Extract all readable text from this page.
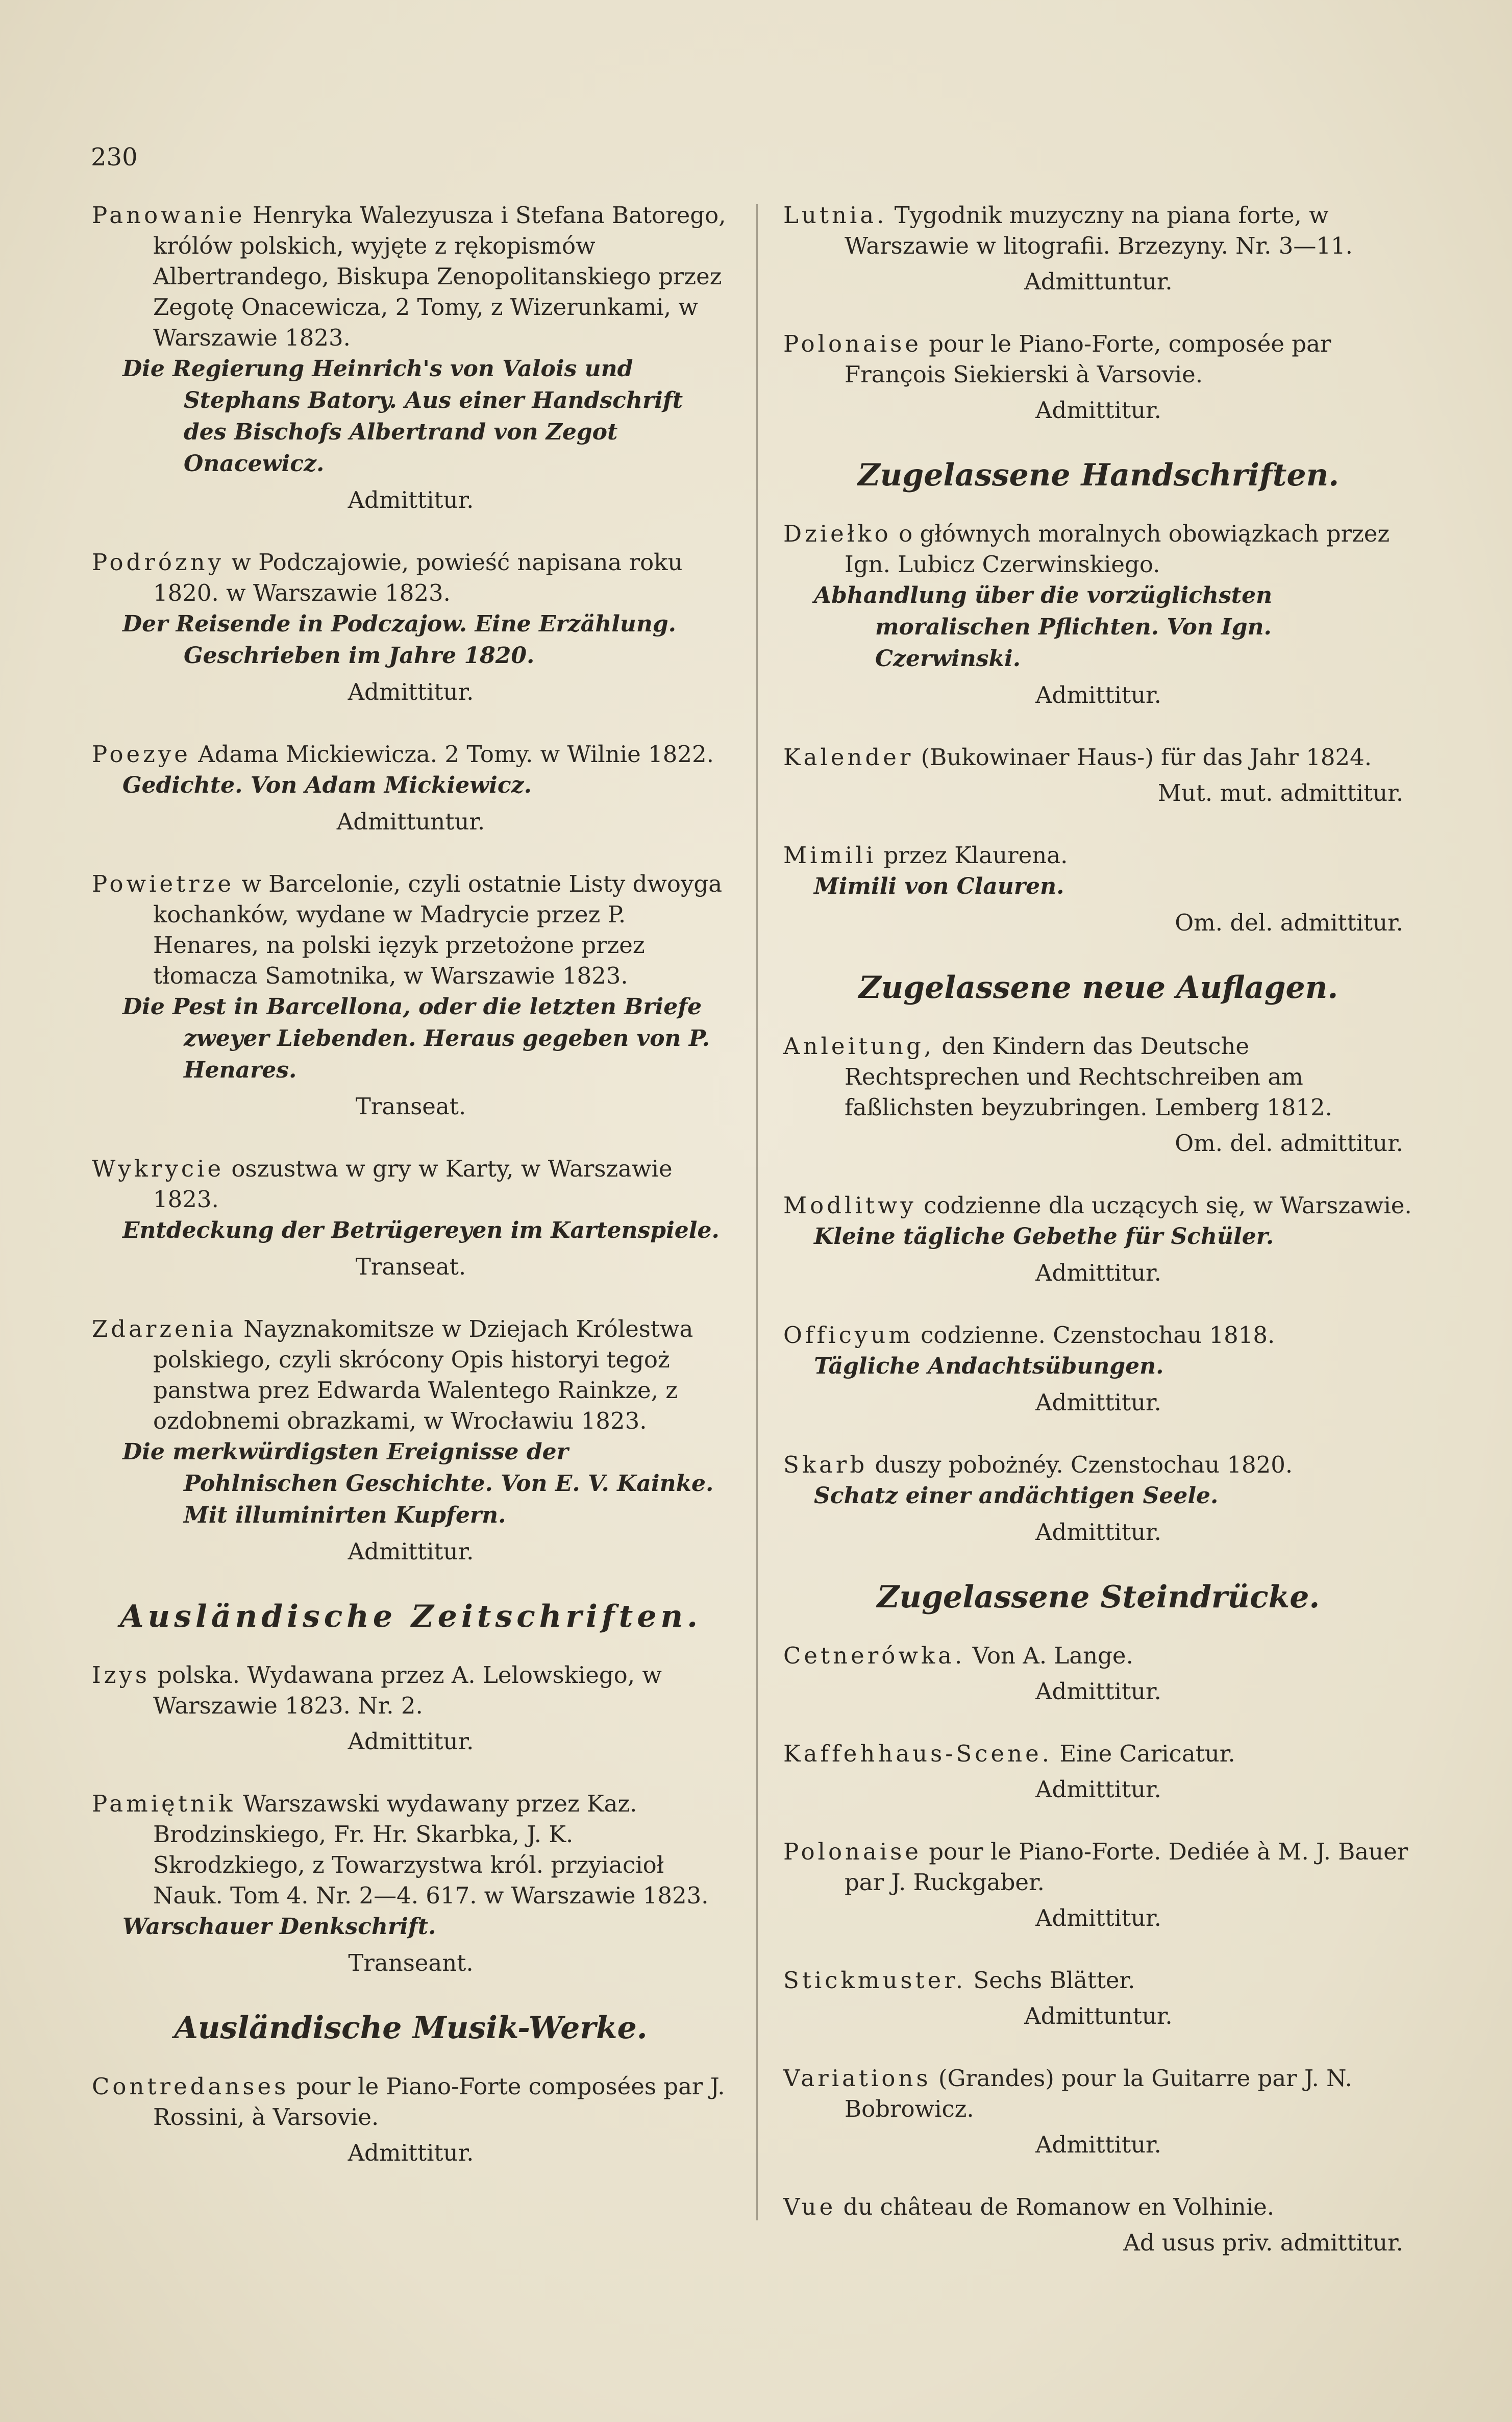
230
Panowanie Henryka Walezyusza i Stefana Batorego, królów polskich, wyjęte z rękopismów Albertrandego, Biskupa Zenopolitanskiego przez Zegotę Onacewicza, 2 Tomy, z Wizerunkami, w Warszawie 1823.
Die Regierung Heinrich's von Valois und Stephans Batory. Aus einer Handschrift des Bischofs Albertrand von Zegot Onacewicz.
Admittitur.
Podrózny w Podczajowie, powieść napisana roku 1820. w Warszawie 1823.
Der Reisende in Podczajow. Eine Erzählung. Geschrieben im Jahre 1820.
Admittitur.
Poezye Adama Mickiewicza. 2 Tomy. w Wilnie 1822.
Gedichte. Von Adam Mickiewicz.
Admittuntur.
Powietrze w Barcelonie, czyli ostatnie Listy dwoyga kochanków, wydane w Madrycie przez P. Henares, na polski ięzyk przetożone przez tłomacza Samotnika, w Warszawie 1823.
Die Pest in Barcellona, oder die letzten Briefe zweyer Liebenden. Heraus gegeben von P. Henares.
Transeat.
Wykrycie oszustwa w gry w Karty, w Warszawie 1823.
Entdeckung der Betrügereyen im Kartenspiele.
Transeat.
Zdarzenia Nayznakomitsze w Dziejach Królestwa polskiego, czyli skrócony Opis historyi tegoż panstwa prez Edwarda Walentego Rainkze, z ozdobnemi obrazkami, w Wrocławiu 1823.
Die merkwürdigsten Ereignisse der Pohlnischen Geschichte. Von E. V. Kainke. Mit illuminirten Kupfern.
Admittitur.
Ausländische Zeitschriften.
Izys polska. Wydawana przez A. Lelowskiego, w Warszawie 1823. Nr. 2.
Admittitur.
Pamiętnik Warszawski wydawany przez Kaz. Brodzinskiego, Fr. Hr. Skarbka, J. K. Skrodzkiego, z Towarzystwa król. przyiacioł Nauk. Tom 4. Nr. 2—4. 617. w Warszawie 1823.
Warschauer Denkschrift.
Transeant.
Ausländische Musik-Werke.
Contredanses pour le Piano-Forte composées par J. Rossini, à Varsovie.
Admittitur.
Lutnia. Tygodnik muzyczny na piana forte, w Warszawie w litografii. Brzezyny. Nr. 3—11.
Admittuntur.
Polonaise pour le Piano-Forte, composée par François Siekierski à Varsovie.
Admittitur.
Zugelassene Handschriften.
Dziełko o głównych moralnych obowiązkach przez Ign. Lubicz Czerwinskiego.
Abhandlung über die vorzüglichsten moralischen Pflichten. Von Ign. Czerwinski.
Admittitur.
Kalender (Bukowinaer Haus-) für das Jahr 1824.
Mut. mut. admittitur.
Mimili przez Klaurena.
Mimili von Clauren.
Om. del. admittitur.
Zugelassene neue Auflagen.
Anleitung, den Kindern das Deutsche Rechtsprechen und Rechtschreiben am faßlichsten beyzubringen. Lemberg 1812.
Om. del. admittitur.
Modlitwy codzienne dla uczących się, w Warszawie.
Kleine tägliche Gebethe für Schüler.
Admittitur.
Officyum codzienne. Czenstochau 1818.
Tägliche Andachtsübungen.
Admittitur.
Skarb duszy pobożnéy. Czenstochau 1820.
Schatz einer andächtigen Seele.
Admittitur.
Zugelassene Steindrücke.
Cetnerówka. Von A. Lange.
Admittitur.
Kaffehhaus-Scene. Eine Caricatur.
Admittitur.
Polonaise pour le Piano-Forte. Dediée à M. J. Bauer par J. Ruckgaber.
Admittitur.
Stickmuster. Sechs Blätter.
Admittuntur.
Variations (Grandes) pour la Guitarre par J. N. Bobrowicz.
Admittitur.
Vue du château de Romanow en Volhinie.
Ad usus priv. admittitur.
